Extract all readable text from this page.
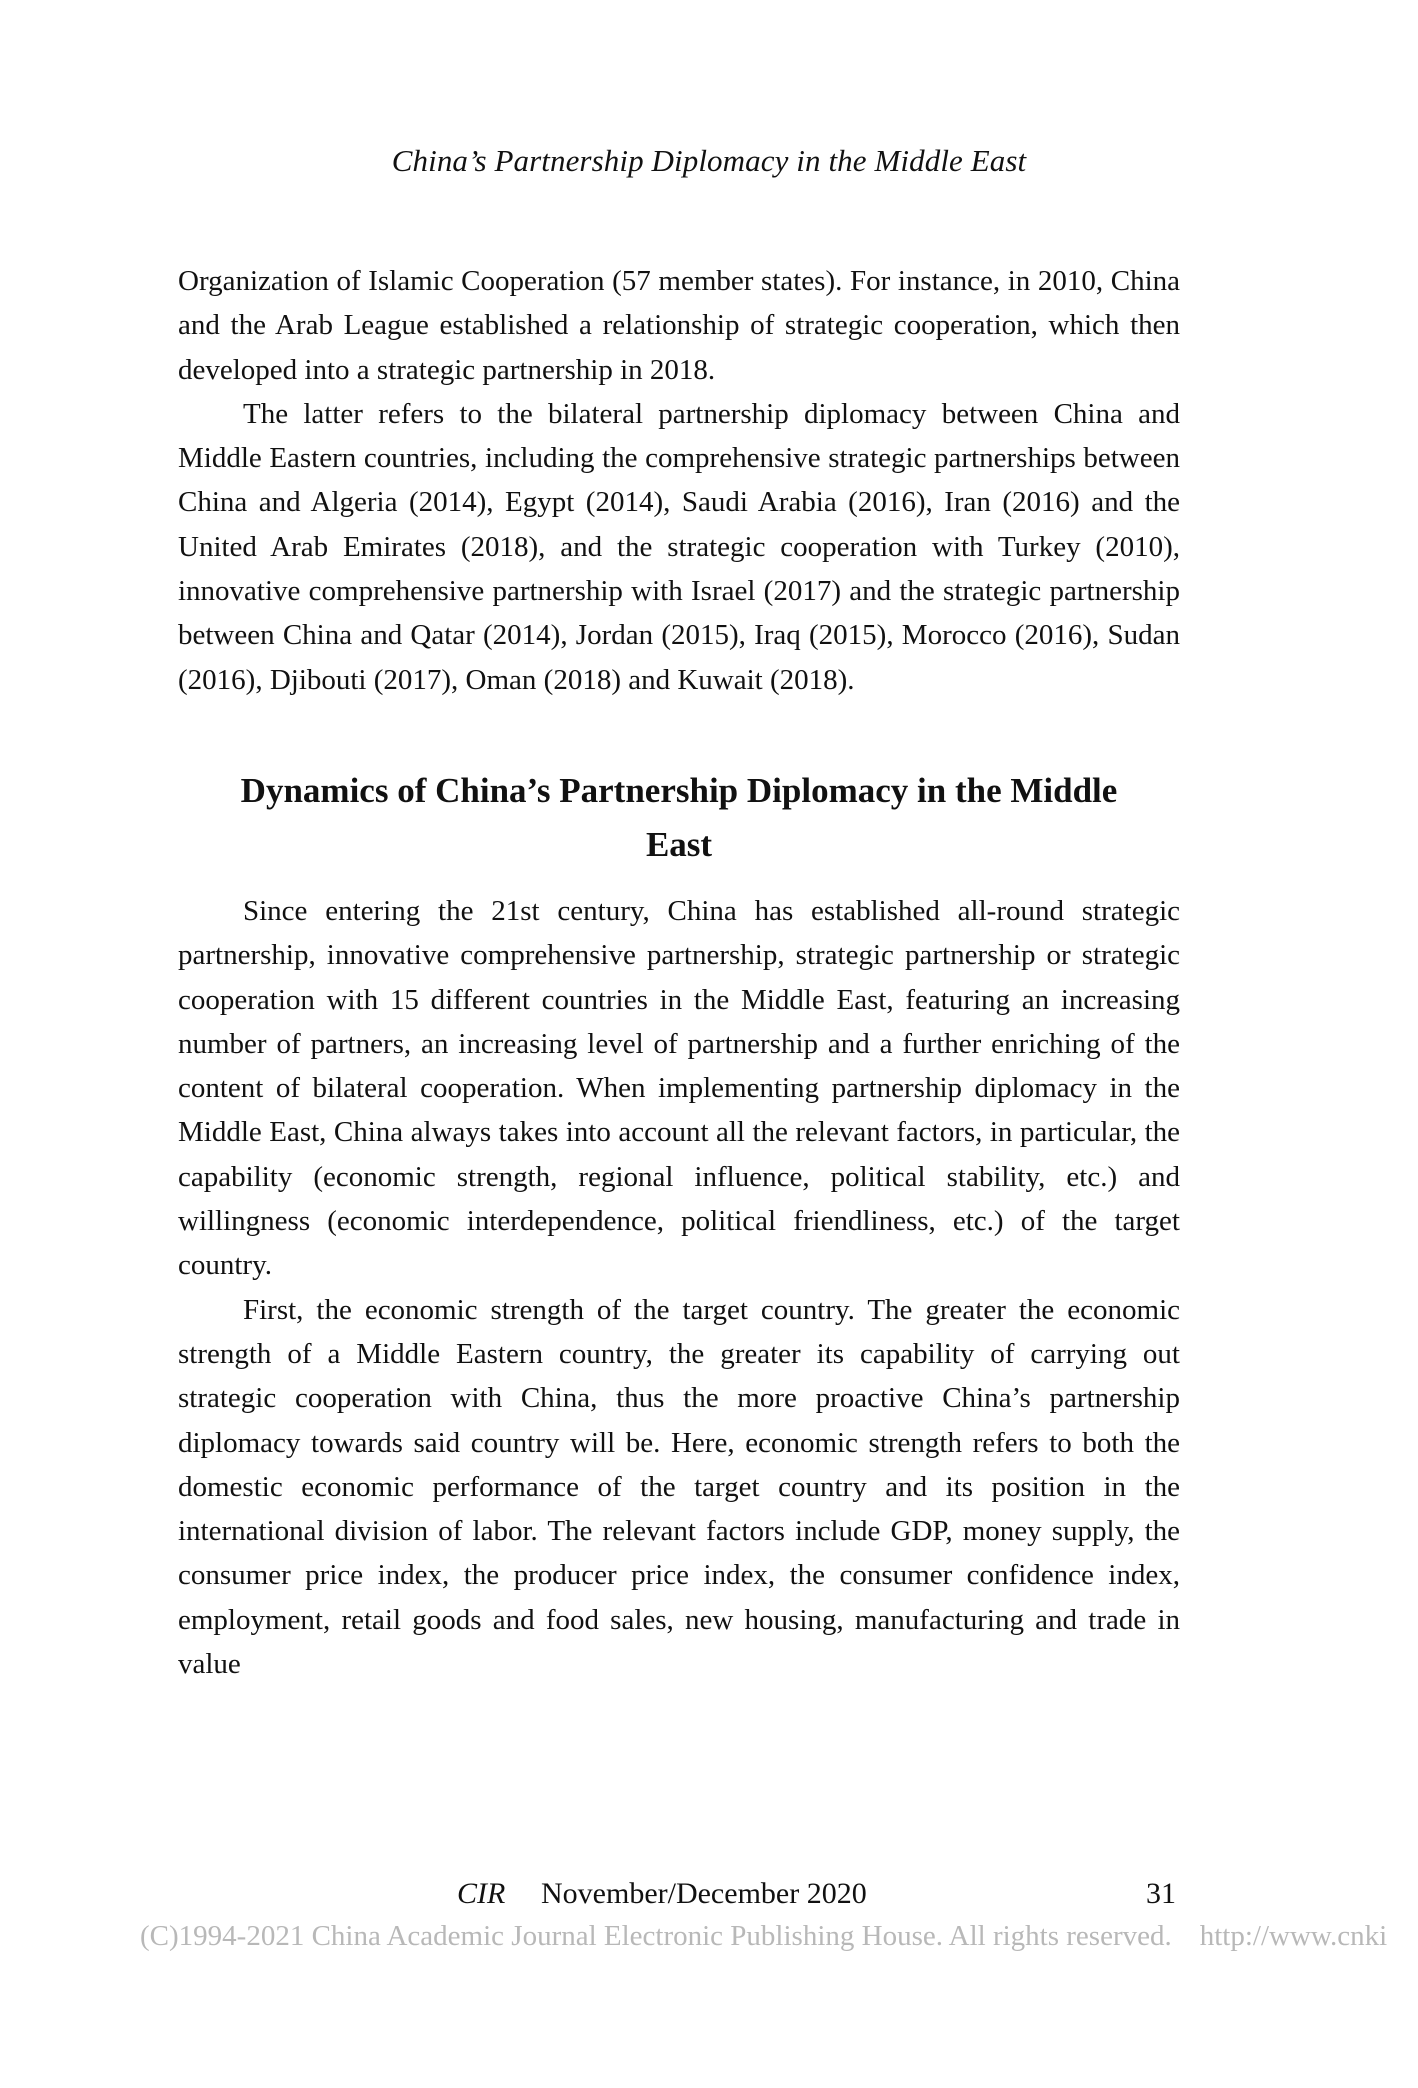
China’s Partnership Diplomacy in the Middle East

Organization of Islamic Cooperation (57 member states). For instance, in 2010, China and the Arab League established a relationship of strategic cooperation, which then developed into a strategic partnership in 2018.

The latter refers to the bilateral partnership diplomacy between China and Middle Eastern countries, including the comprehensive strategic partnerships between China and Algeria (2014), Egypt (2014), Saudi Arabia (2016), Iran (2016) and the United Arab Emirates (2018), and the strategic cooperation with Turkey (2010), innovative comprehensive partnership with Israel (2017) and the strategic partnership between China and Qatar (2014), Jordan (2015), Iraq (2015), Morocco (2016), Sudan (2016), Djibouti (2017), Oman (2018) and Kuwait (2018).

Dynamics of China’s Partnership Diplomacy in the Middle
East

Since entering the 21st century, China has established all-round strategic partnership, innovative comprehensive partnership, strategic partnership or strategic cooperation with 15 different countries in the Middle East, featuring an increasing number of partners, an increasing level of partnership and a further enriching of the content of bilateral cooperation. When implementing partnership diplomacy in the Middle East, China always takes into account all the relevant factors, in particular, the capability (economic strength, regional influence, political stability, etc.) and willingness (economic interdependence, political friendliness, etc.) of the target country.

First, the economic strength of the target country. The greater the economic strength of a Middle Eastern country, the greater its capability of carrying out strategic cooperation with China, thus the more proactive China’s partnership diplomacy towards said country will be. Here, economic strength refers to both the domestic economic performance of the target country and its position in the international division of labor. The relevant factors include GDP, money supply, the consumer price index, the producer price index, the consumer confidence index, employment, retail goods and food sales, new housing, manufacturing and trade in value

CIR November/December 2020	31
(C)1994-2021 China Academic Journal Electronic Publishing House. All rights reserved. http://www.cnki
